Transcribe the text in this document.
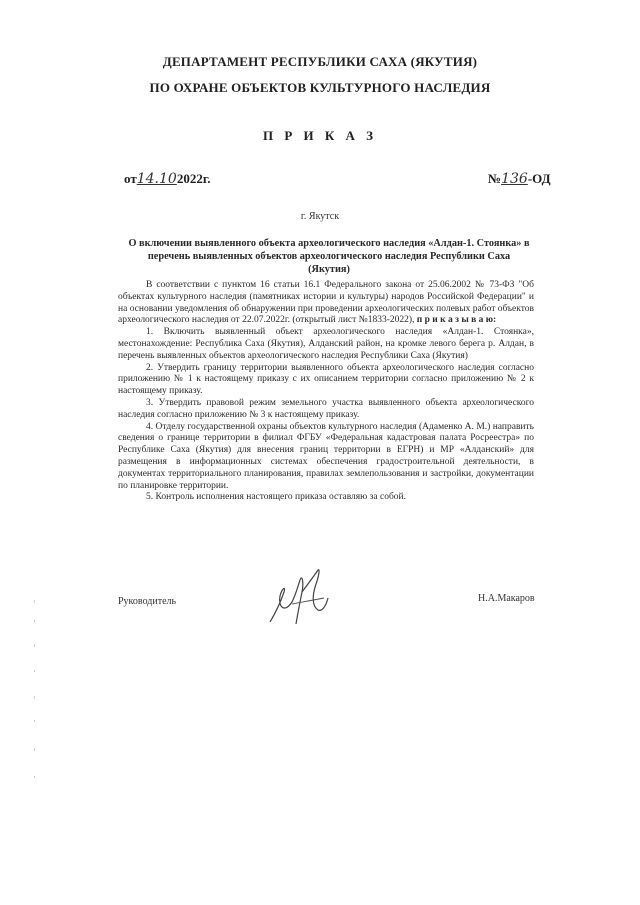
ДЕПАРТАМЕНТ РЕСПУБЛИКИ САХА (ЯКУТИЯ)
ПО ОХРАНЕ ОБЪЕКТОВ КУЛЬТУРНОГО НАСЛЕДИЯ
П Р И К А З
от14.102022г.	№136-ОД
г. Якутск
О включении выявленного объекта археологического наследия «Алдан-1. Стоянка» в перечень выявленных объектов археологического наследия Республики Саха (Якутия)

В соответствии с пунктом 16 статьи 16.1 Федерального закона от 25.06.2002 № 73-ФЗ "Об объектах культурного наследия (памятниках истории и культуры) народов Российской Федерации" и на основании уведомления об обнаружении при проведении археологических полевых работ объектов археологического наследия от 22.07.2022г. (открытый лист №1833-2022), п р и к а з ы в а ю:

1. Включить выявленный объект археологического наследия «Алдан-1. Стоянка», местонахождение: Республика Саха (Якутия), Алданский район, на кромке левого берега р. Алдан, в перечень выявленных объектов археологического наследия Республики Саха (Якутия)

2. Утвердить границу территории выявленного объекта археологического наследия согласно приложению № 1 к настоящему приказу с их описанием территории согласно приложению № 2 к настоящему приказу.

3. Утвердить правовой режим земельного участка выявленного объекта археологического наследия согласно приложению № 3 к настоящему приказу.

4. Отделу государственной охраны объектов культурного наследия (Адаменко А. М.) направить сведения о границе территории в филиал ФГБУ «Федеральная кадастровая палата Росреестра» по Республике Саха (Якутия) для внесения границ территории в ЕГРН) и МР «Алданский» для размещения в информационных системах обеспечения градостроительной деятельности, в документах территориального планирования, правилах землепользования и застройки, документации по планировке территории.

5. Контроль исполнения настоящего приказа оставляю за собой.

Руководитель	Н.А.Макаров
